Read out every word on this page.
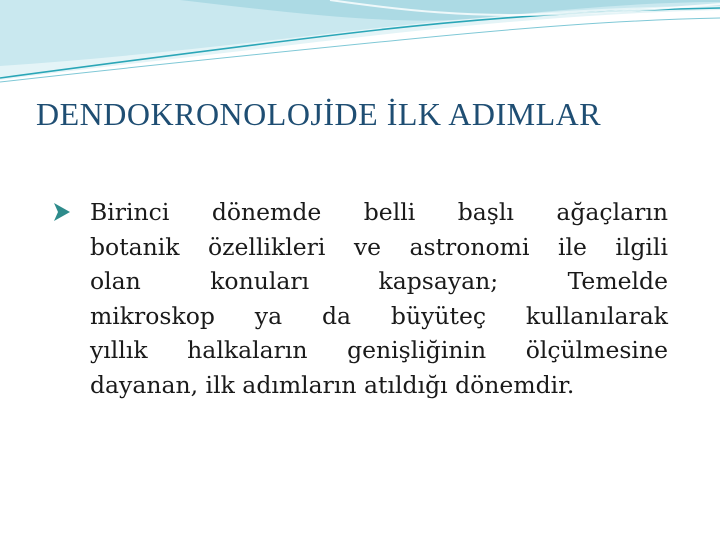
DENDOKRONOLOJİDE İLK ADIMLAR
Birinci dönemde belli başlı ağaçların
botanik özellikleri ve astronomi ile ilgili
olan	konuları	kapsayan;	Temelde
mikroskop ya da büyüteç kullanılarak
yıllık halkaların genişliğinin ölçülmesine
dayanan, ilk adımların atıldığı dönemdir.
